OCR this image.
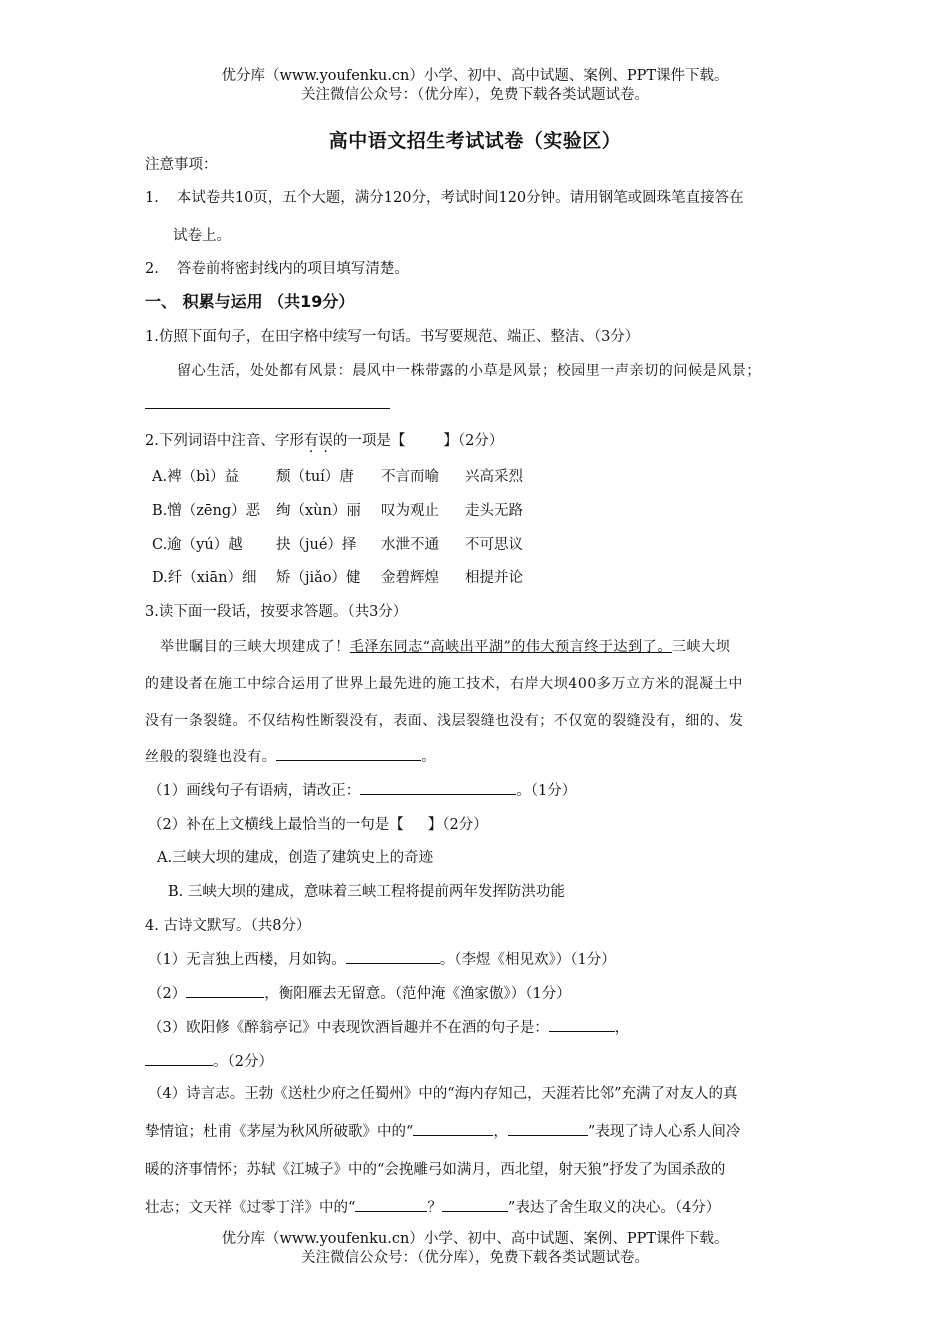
优分库（www.youfenku.cn）小学、初中、高中试题、案例、PPT课件下载。
关注微信公众号：（优分库），免费下载各类试题试卷。
高中语文招生考试试卷（实验区）
注意事项：
1. 本试卷共10页，五个大题，满分120分，考试时间120分钟。请用钢笔或圆珠笔直接答在
试卷上。
2. 答卷前将密封线内的项目填写清楚。
一、 积累与运用 （共19分）
1.仿照下面句子，在田字格中续写一句话。书写要规范、端正、整洁、（3分）
留心生活，处处都有风景：晨风中一株带露的小草是风景；校园里一声亲切的问候是风景；
2.下列词语中注音、字形有误的一项是【	】（2分）
A.裨（bì）益	颓（tuí）唐 不言而喻 兴高采烈
B.憎（zēng）恶 绚（xùn）丽 叹为观止 走头无路
C.逾（yú）越 抉（jué）择 水泄不通 不可思议
D.纤（xiān）细 矫（jiǎo）健 金碧辉煌 相提并论
3.读下面一段话，按要求答题。（共3分）
举世瞩目的三峡大坝建成了！毛泽东同志“高峡出平湖”的伟大预言终于达到了。三峡大坝
的建设者在施工中综合运用了世界上最先进的施工技术，右岸大坝400多万立方米的混凝土中
没有一条裂缝。不仅结构性断裂没有，表面、浅层裂缝也没有；不仅宽的裂缝没有，细的、发
丝般的裂缝也没有。	。
（1）画线句子有语病，请改正：	。（1分）
（2）补在上文横线上最恰当的一句是【 】（2分）
A.三峡大坝的建成，创造了建筑史上的奇迹
B. 三峡大坝的建成，意味着三峡工程将提前两年发挥防洪功能
4. 古诗文默写。（共8分）
（1）无言独上西楼，月如钩。	。（李煜《相见欢》）（1分）
（2）	，衡阳雁去无留意。（范仲淹《渔家傲》）（1分）
（3）欧阳修《醉翁亭记》中表现饮酒旨趣并不在酒的句子是：	，
。（2分）
（4）诗言志。王勃《送杜少府之任蜀州》中的“海内存知己，天涯若比邻”充满了对友人的真
挚情谊；杜甫《茅屋为秋风所破歌》中的“	，	”表现了诗人心系人间冷
暖的济事情怀；苏轼《江城子》中的“会挽雕弓如满月，西北望，射天狼”抒发了为国杀敌的
壮志；文天祥《过零丁洋》中的“	？	”表达了舍生取义的决心。（4分）
优分库（www.youfenku.cn）小学、初中、高中试题、案例、PPT课件下载。
关注微信公众号：（优分库），免费下载各类试题试卷。
